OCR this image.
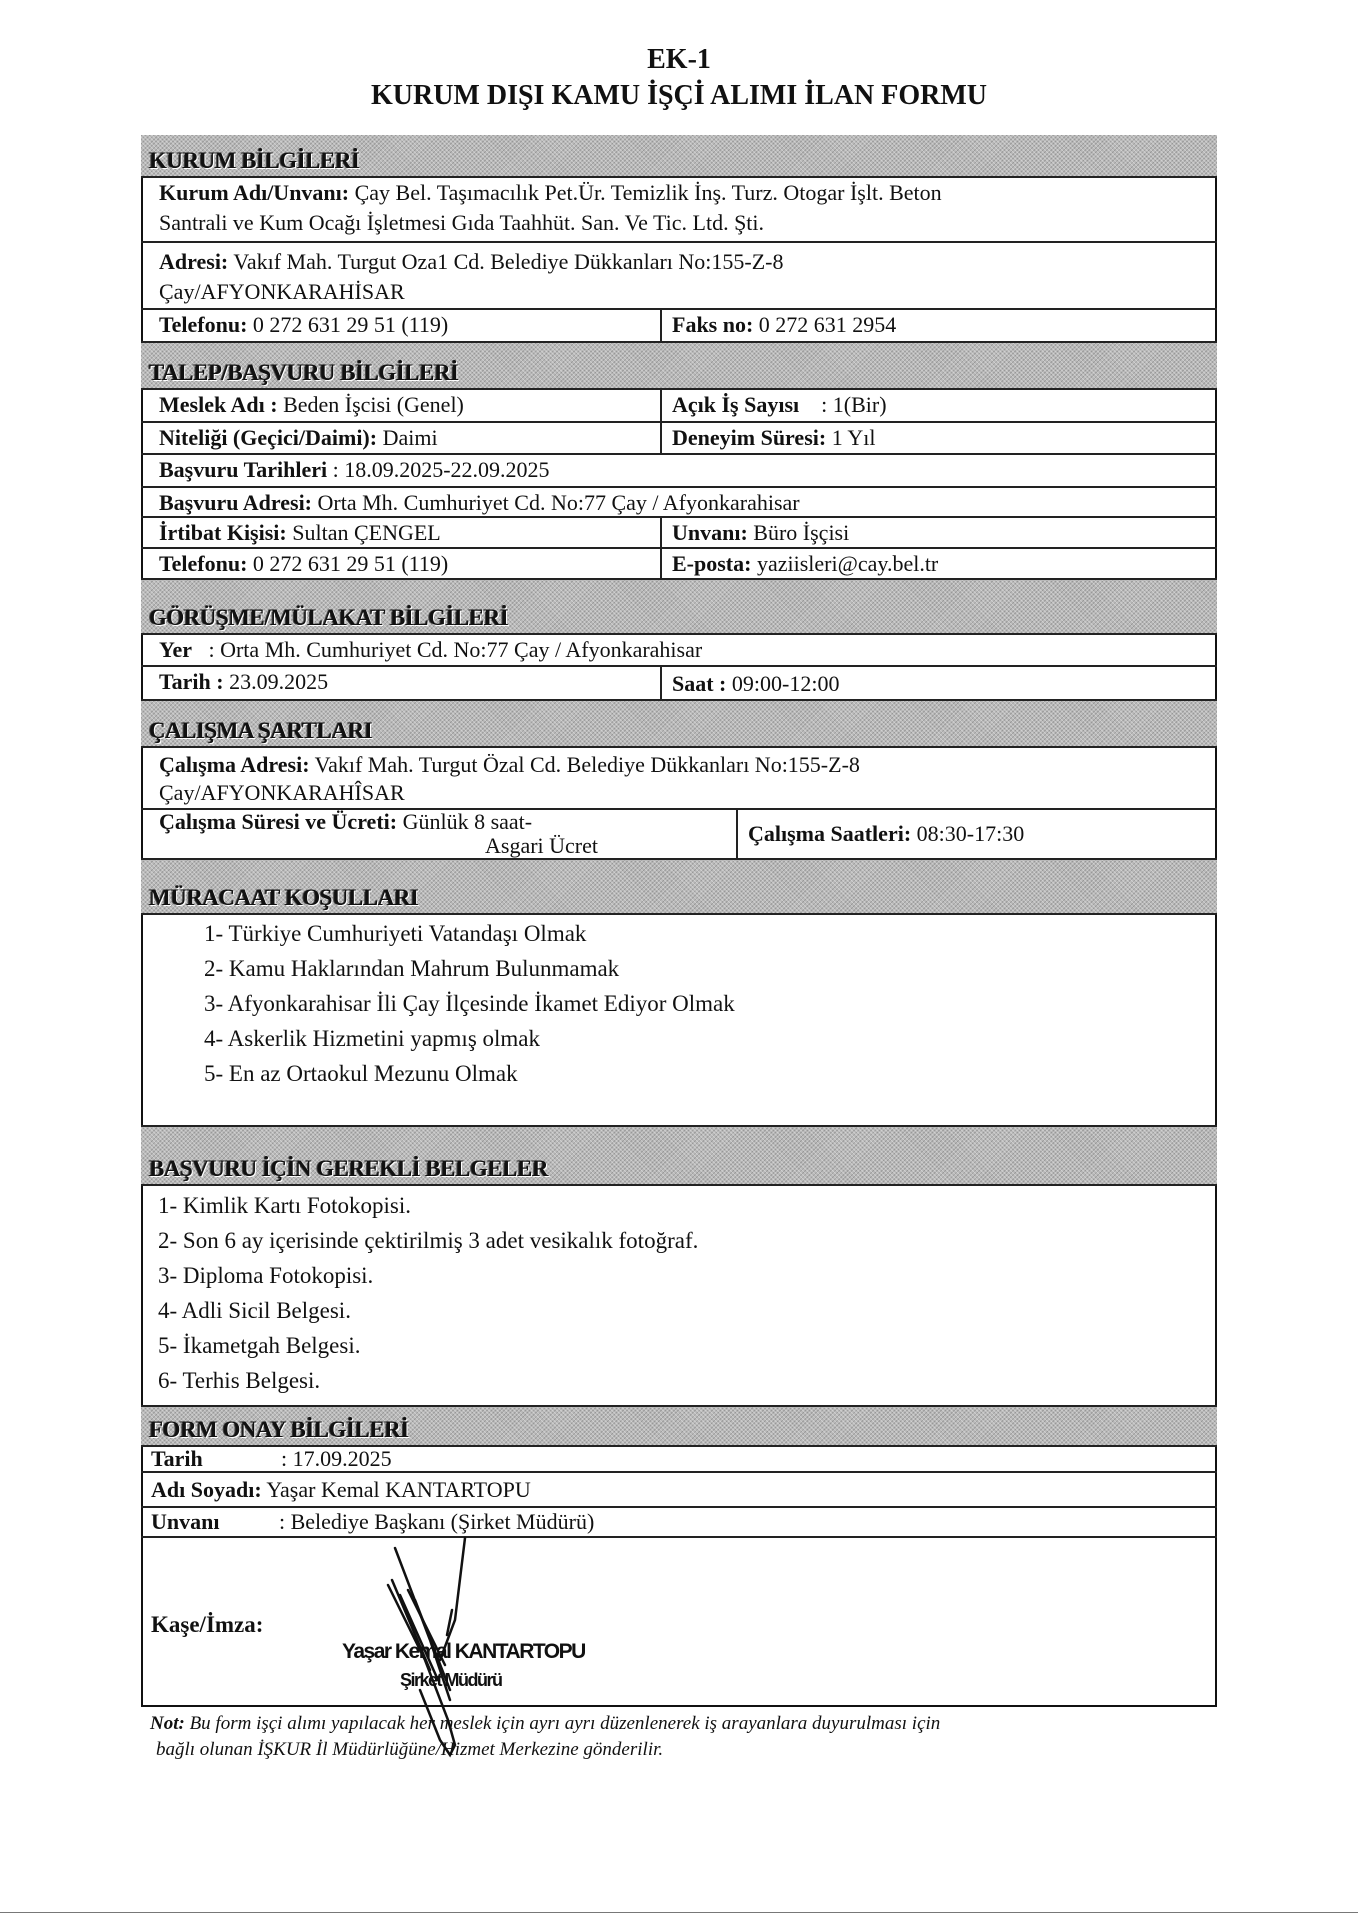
EK-1
KURUM DIŞI KAMU İŞÇİ ALIMI İLAN FORMU
KURUM BİLGİLERİ
Kurum Adı/Unvanı: Çay Bel. Taşımacılık Pet.Ür. Temizlik İnş. Turz. Otogar İşlt. Beton
Santrali ve Kum Ocağı İşletmesi Gıda Taahhüt. San. Ve Tic. Ltd. Şti.
Adresi: Vakıf Mah. Turgut Oza1 Cd. Belediye Dükkanları No:155-Z-8
Çay/AFYONKARAHİSAR
Telefonu: 0 272 631 29 51 (119)	Faks no: 0 272 631 2954
TALEP/BAŞVURU BİLGİLERİ
Meslek Adı : Beden İşcisi (Genel)	Açık İş Sayısı : 1(Bir)
Niteliği (Geçici/Daimi): Daimi	Deneyim Süresi: 1 Yıl
Başvuru Tarihleri : 18.09.2025-22.09.2025
Başvuru Adresi: Orta Mh. Cumhuriyet Cd. No:77 Çay / Afyonkarahisar
İrtibat Kişisi: Sultan ÇENGEL	Unvanı: Büro İşçisi
Telefonu: 0 272 631 29 51 (119)	E-posta: yaziisleri@cay.bel.tr
GÖRÜŞME/MÜLAKAT BİLGİLERİ
Yer : Orta Mh. Cumhuriyet Cd. No:77 Çay / Afyonkarahisar
Tarih : 23.09.2025	Saat : 09:00-12:00
ÇALIŞMA ŞARTLARI
Çalışma Adresi: Vakıf Mah. Turgut Özal Cd. Belediye Dükkanları No:155-Z-8
Çay/AFYONKARAHÎSAR
Çalışma Süresi ve Ücreti: Günlük 8 saat-
Asgari Ücret	Çalışma Saatleri: 08:30-17:30
MÜRACAAT KOŞULLARI
1- Türkiye Cumhuriyeti Vatandaşı Olmak
2- Kamu Haklarından Mahrum Bulunmamak
3- Afyonkarahisar İli Çay İlçesinde İkamet Ediyor Olmak
4- Askerlik Hizmetini yapmış olmak
5- En az Ortaokul Mezunu Olmak
BAŞVURU İÇİN GEREKLİ BELGELER
1- Kimlik Kartı Fotokopisi.
2- Son 6 ay içerisinde çektirilmiş 3 adet vesikalık fotoğraf.
3- Diploma Fotokopisi.
4- Adli Sicil Belgesi.
5- İkametgah Belgesi.
6- Terhis Belgesi.
FORM ONAY BİLGİLERİ
Tarih	: 17.09.2025
Adı Soyadı: Yaşar Kemal KANTARTOPU
Unvanı	: Belediye Başkanı (Şirket Müdürü)
Kaşe/İmza:
Yaşar Kemal KANTARTOPU
Şirket Müdürü
Not: Bu form işçi alımı yapılacak her meslek için ayrı ayrı düzenlenerek iş arayanlara duyurulması için
bağlı olunan İŞKUR İl Müdürlüğüne/Hizmet Merkezine gönderilir.
